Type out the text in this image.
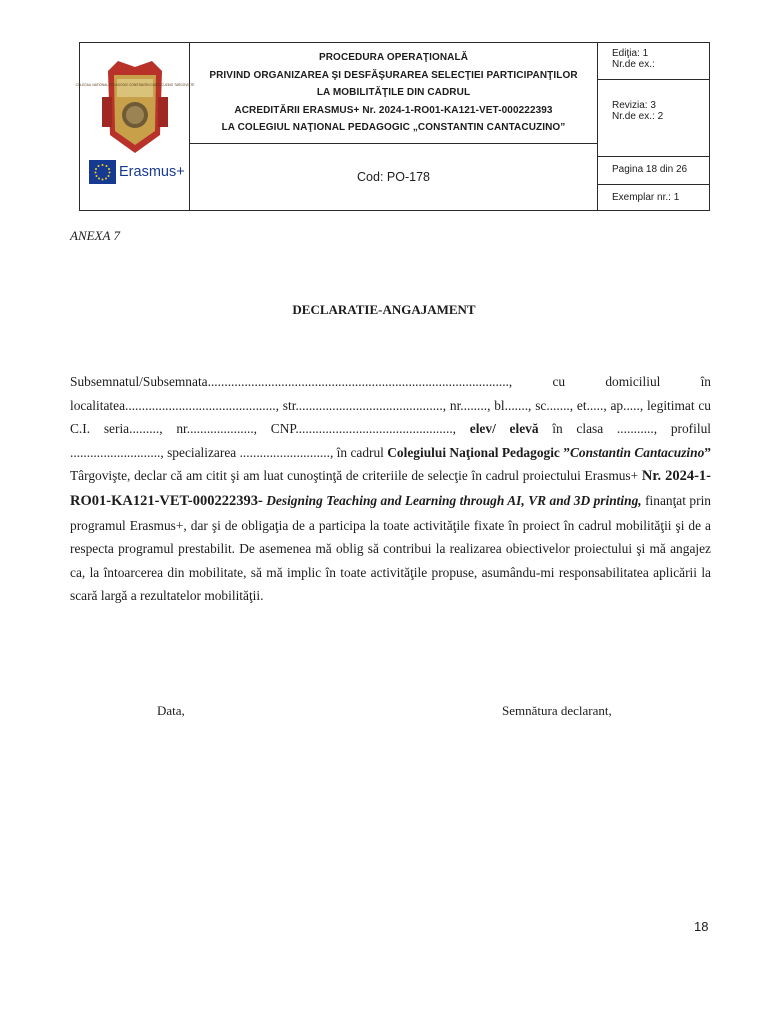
COLEGIUL NATIONAL PEDAGOGIC CONSTANTIN CANTACUZINO TARGOVISTE
Erasmus+
PROCEDURA OPERAŢIONALĂ
PRIVIND ORGANIZAREA ŞI DESFĂŞURAREA SELECŢIEI PARTICIPANŢILOR
LA MOBILITĂŢILE DIN CADRUL
ACREDITĂRII ERASMUS+ Nr. 2024-1-RO01-KA121-VET-000222393
LA COLEGIUL NAŢIONAL PEDAGOGIC „CONSTANTIN CANTACUZINO”
Cod: PO-178
Ediţia: 1
Nr.de ex.:
Revizia: 3
Nr.de ex.: 2
Pagina 18 din 26
Exemplar nr.: 1
ANEXA 7
DECLARATIE-ANGAJAMENT
Subsemnatul/Subsemnata.........................................................................................., cu domiciliul în localitatea............................................., str............................................, nr........, bl......., sc......., et....., ap....., legitimat cu C.I. seria........., nr...................., CNP..............................................., elev/ elevă în clasa ..........., profilul ..........................., specializarea ..........................., în cadrul Colegiului Naţional Pedagogic ”Constantin Cantacuzino” Târgovişte, declar că am citit şi am luat cunoştinţă de criteriile de selecţie în cadrul proiectului Erasmus+ Nr. 2024-1-RO01-KA121-VET-000222393- Designing Teaching and Learning through AI, VR and 3D printing, finanţat prin programul Erasmus+, dar şi de obligaţia de a participa la toate activităţile fixate în proiect în cadrul mobilităţii şi de a respecta programul prestabilit. De asemenea mă oblig să contribui la realizarea obiectivelor proiectului şi mă angajez ca, la întoarcerea din mobilitate, să mă implic în toate activităţile propuse, asumându-mi responsabilitatea aplicării la scară largă a rezultatelor mobilităţii.
Data,	Semnătura declarant,
18
